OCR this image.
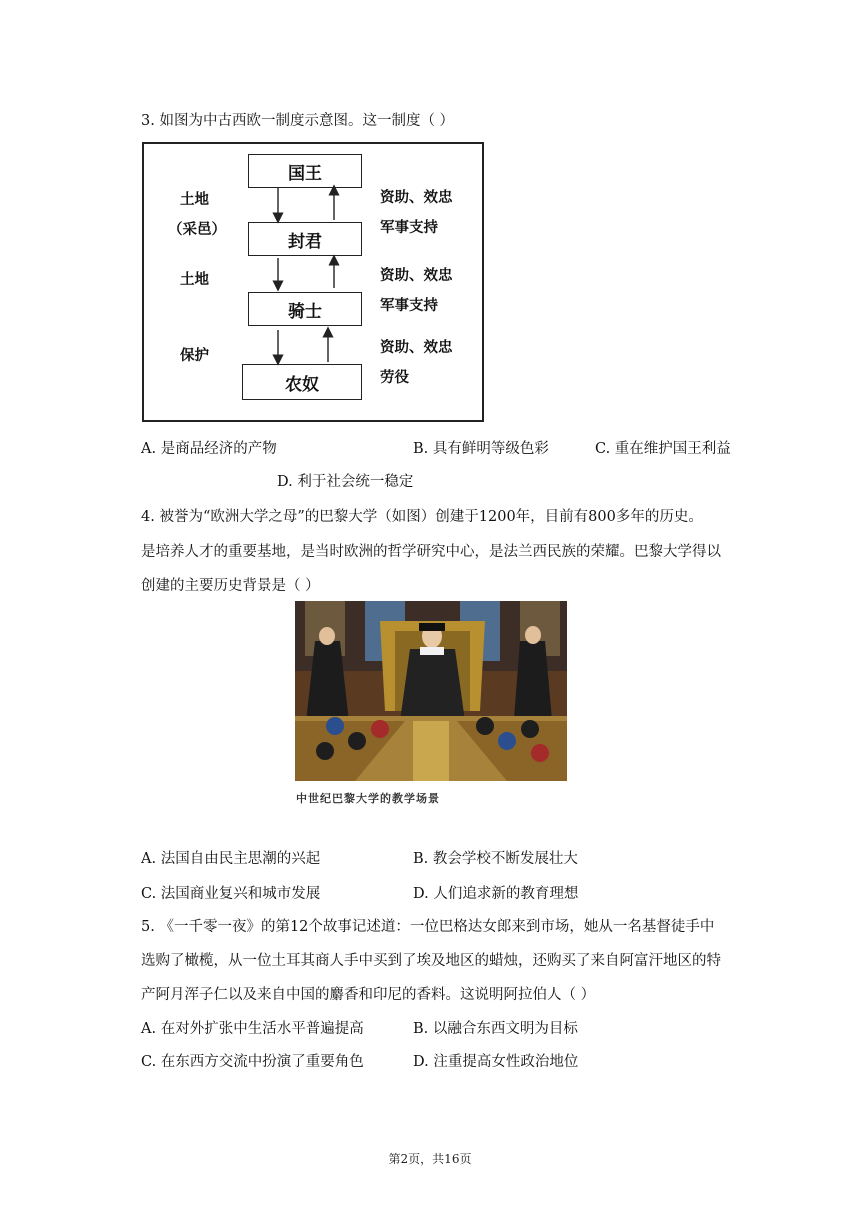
3. 如图为中古西欧一制度示意图。这一制度（ ）
国王
封君
骑士
农奴
土地
（采邑）
土地
保护
资助、效忠
军事支持
资助、效忠
军事支持
资助、效忠
劳役
A. 是商品经济的产物	B. 具有鲜明等级色彩	C. 重在维护国王利益
D. 利于社会统一稳定
4. 被誉为“欧洲大学之母”的巴黎大学（如图）创建于1200年，目前有800多年的历史。
是培养人才的重要基地，是当时欧洲的哲学研究中心，是法兰西民族的荣耀。巴黎大学得以
创建的主要历史背景是（ ）
中世纪巴黎大学的教学场景
A. 法国自由民主思潮的兴起	B. 教会学校不断发展壮大
C. 法国商业复兴和城市发展	D. 人们追求新的教育理想
5. 《一千零一夜》的第12个故事记述道：一位巴格达女郎来到市场，她从一名基督徒手中
选购了橄榄，从一位土耳其商人手中买到了埃及地区的蜡烛，还购买了来自阿富汗地区的特
产阿月浑子仁以及来自中国的麝香和印尼的香料。这说明阿拉伯人（ ）
A. 在对外扩张中生活水平普遍提高	B. 以融合东西文明为目标
C. 在东西方交流中扮演了重要角色	D. 注重提高女性政治地位
第2页，共16页
